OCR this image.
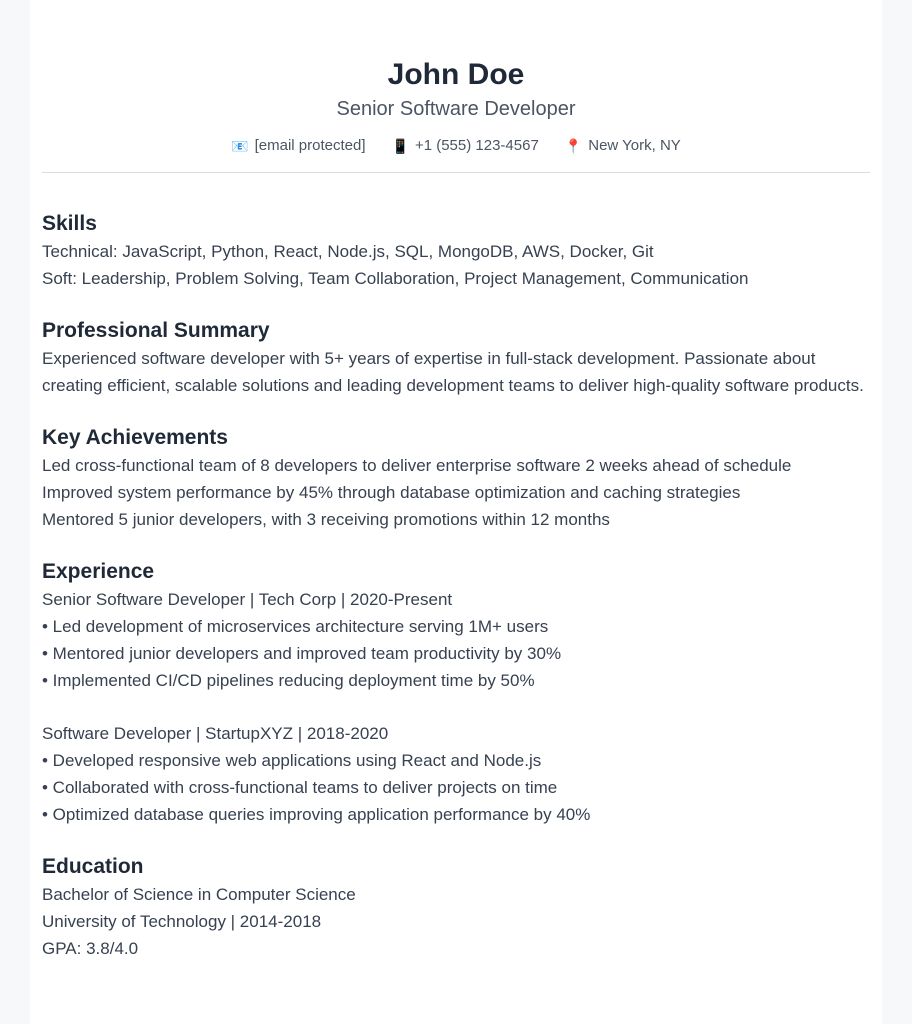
John Doe
Senior Software Developer
📧 [email protected] 📱 +1 (555) 123-4567 📍 New York, NY
Skills
Technical: JavaScript, Python, React, Node.js, SQL, MongoDB, AWS, Docker, Git
Soft: Leadership, Problem Solving, Team Collaboration, Project Management, Communication
Professional Summary
Experienced software developer with 5+ years of expertise in full-stack development. Passionate about
creating efficient, scalable solutions and leading development teams to deliver high-quality software products.
Key Achievements
Led cross-functional team of 8 developers to deliver enterprise software 2 weeks ahead of schedule
Improved system performance by 45% through database optimization and caching strategies
Mentored 5 junior developers, with 3 receiving promotions within 12 months
Experience
Senior Software Developer | Tech Corp | 2020-Present
• Led development of microservices architecture serving 1M+ users
• Mentored junior developers and improved team productivity by 30%
• Implemented CI/CD pipelines reducing deployment time by 50%
Software Developer | StartupXYZ | 2018-2020
• Developed responsive web applications using React and Node.js
• Collaborated with cross-functional teams to deliver projects on time
• Optimized database queries improving application performance by 40%
Education
Bachelor of Science in Computer Science
University of Technology | 2014-2018
GPA: 3.8/4.0
